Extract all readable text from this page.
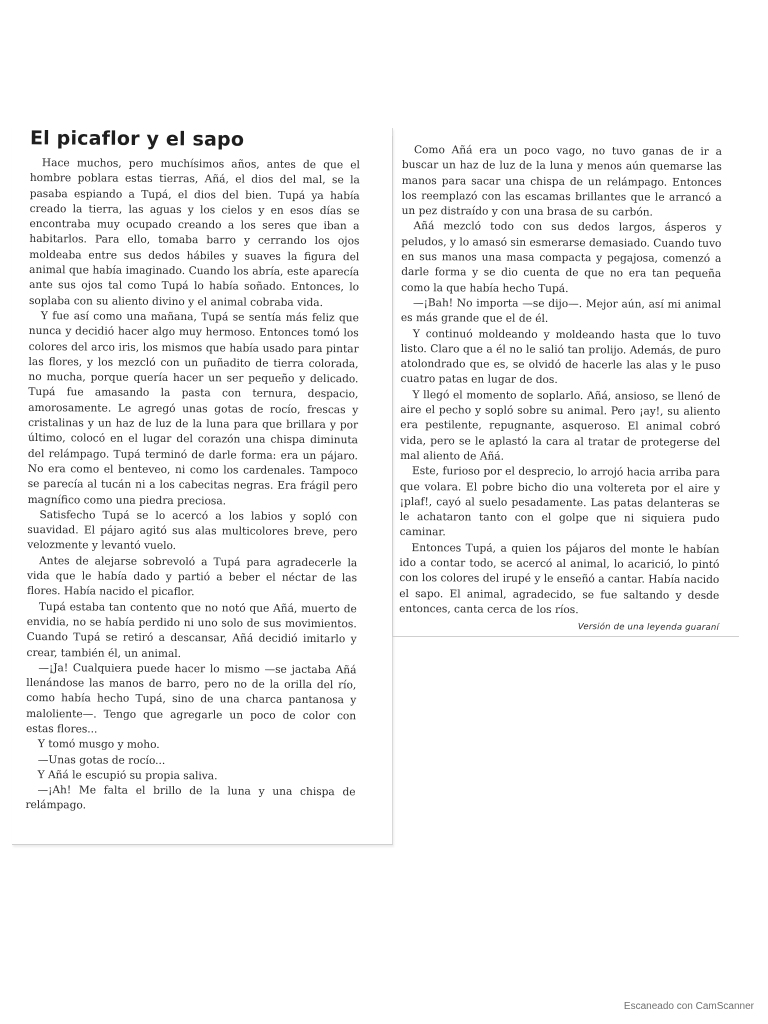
El picaflor y el sapo

Hace muchos, pero muchísimos años, antes de que el hombre poblara estas tierras, Añá, el dios del mal, se la pasaba espiando a Tupá, el dios del bien. Tupá ya había creado la tierra, las aguas y los cielos y en esos días se encontraba muy ocupado creando a los seres que iban a habitarlos. Para ello, tomaba barro y cerrando los ojos moldeaba entre sus dedos hábiles y suaves la figura del animal que había imaginado. Cuando los abría, este aparecía ante sus ojos tal como Tupá lo había soñado. Entonces, lo soplaba con su aliento divino y el animal cobraba vida.

Y fue así como una mañana, Tupá se sentía más feliz que nunca y decidió hacer algo muy hermoso. Entonces tomó los colores del arco iris, los mismos que había usado para pintar las flores, y los mezcló con un puñadito de tierra colorada, no mucha, porque quería hacer un ser pequeño y delicado. Tupá fue amasando la pasta con ternura, despacio, amorosamente. Le agregó unas gotas de rocío, frescas y cristalinas y un haz de luz de la luna para que brillara y por último, colocó en el lugar del corazón una chispa diminuta del relámpago. Tupá terminó de darle forma: era un pájaro. No era como el benteveo, ni como los cardenales. Tampoco se parecía al tucán ni a los cabecitas negras. Era frágil pero magnífico como una piedra preciosa.

Satisfecho Tupá se lo acercó a los labios y sopló con suavidad. El pájaro agitó sus alas multicolores breve, pero velozmente y levantó vuelo.

Antes de alejarse sobrevoló a Tupá para agradecerle la vida que le había dado y partió a beber el néctar de las flores. Había nacido el picaflor.

Tupá estaba tan contento que no notó que Añá, muerto de envidia, no se había perdido ni uno solo de sus movimientos. Cuando Tupá se retiró a descansar, Añá decidió imitarlo y crear, también él, un animal.

—¡Ja! Cualquiera puede hacer lo mismo —se jactaba Añá llenándose las manos de barro, pero no de la orilla del río, como había hecho Tupá, sino de una charca pantanosa y maloliente—. Tengo que agregarle un poco de color con estas flores...

Y tomó musgo y moho.

—Unas gotas de rocío...

Y Añá le escupió su propia saliva.

—¡Ah! Me falta el brillo de la luna y una chispa de relámpago.

Como Añá era un poco vago, no tuvo ganas de ir a buscar un haz de luz de la luna y menos aún quemarse las manos para sacar una chispa de un relámpago. Entonces los reemplazó con las escamas brillantes que le arrancó a un pez distraído y con una brasa de su carbón.

Añá mezcló todo con sus dedos largos, ásperos y peludos, y lo amasó sin esmerarse demasiado. Cuando tuvo en sus manos una masa compacta y pegajosa, comenzó a darle forma y se dio cuenta de que no era tan pequeña como la que había hecho Tupá.

—¡Bah! No importa —se dijo—. Mejor aún, así mi animal es más grande que el de él.

Y continuó moldeando y moldeando hasta que lo tuvo listo. Claro que a él no le salió tan prolijo. Además, de puro atolondrado que es, se olvidó de hacerle las alas y le puso cuatro patas en lugar de dos.

Y llegó el momento de soplarlo. Añá, ansioso, se llenó de aire el pecho y sopló sobre su animal. Pero ¡ay!, su aliento era pestilente, repugnante, asqueroso. El animal cobró vida, pero se le aplastó la cara al tratar de protegerse del mal aliento de Añá.

Este, furioso por el desprecio, lo arrojó hacia arriba para que volara. El pobre bicho dio una voltereta por el aire y ¡plaf!, cayó al suelo pesadamente. Las patas delanteras se le achataron tanto con el golpe que ni siquiera pudo caminar.

Entonces Tupá, a quien los pájaros del monte le habían ido a contar todo, se acercó al animal, lo acarició, lo pintó con los colores del irupé y le enseñó a cantar. Había nacido el sapo. El animal, agradecido, se fue saltando y desde entonces, canta cerca de los ríos.

Versión de una leyenda guaraní
Escaneado con CamScanner
